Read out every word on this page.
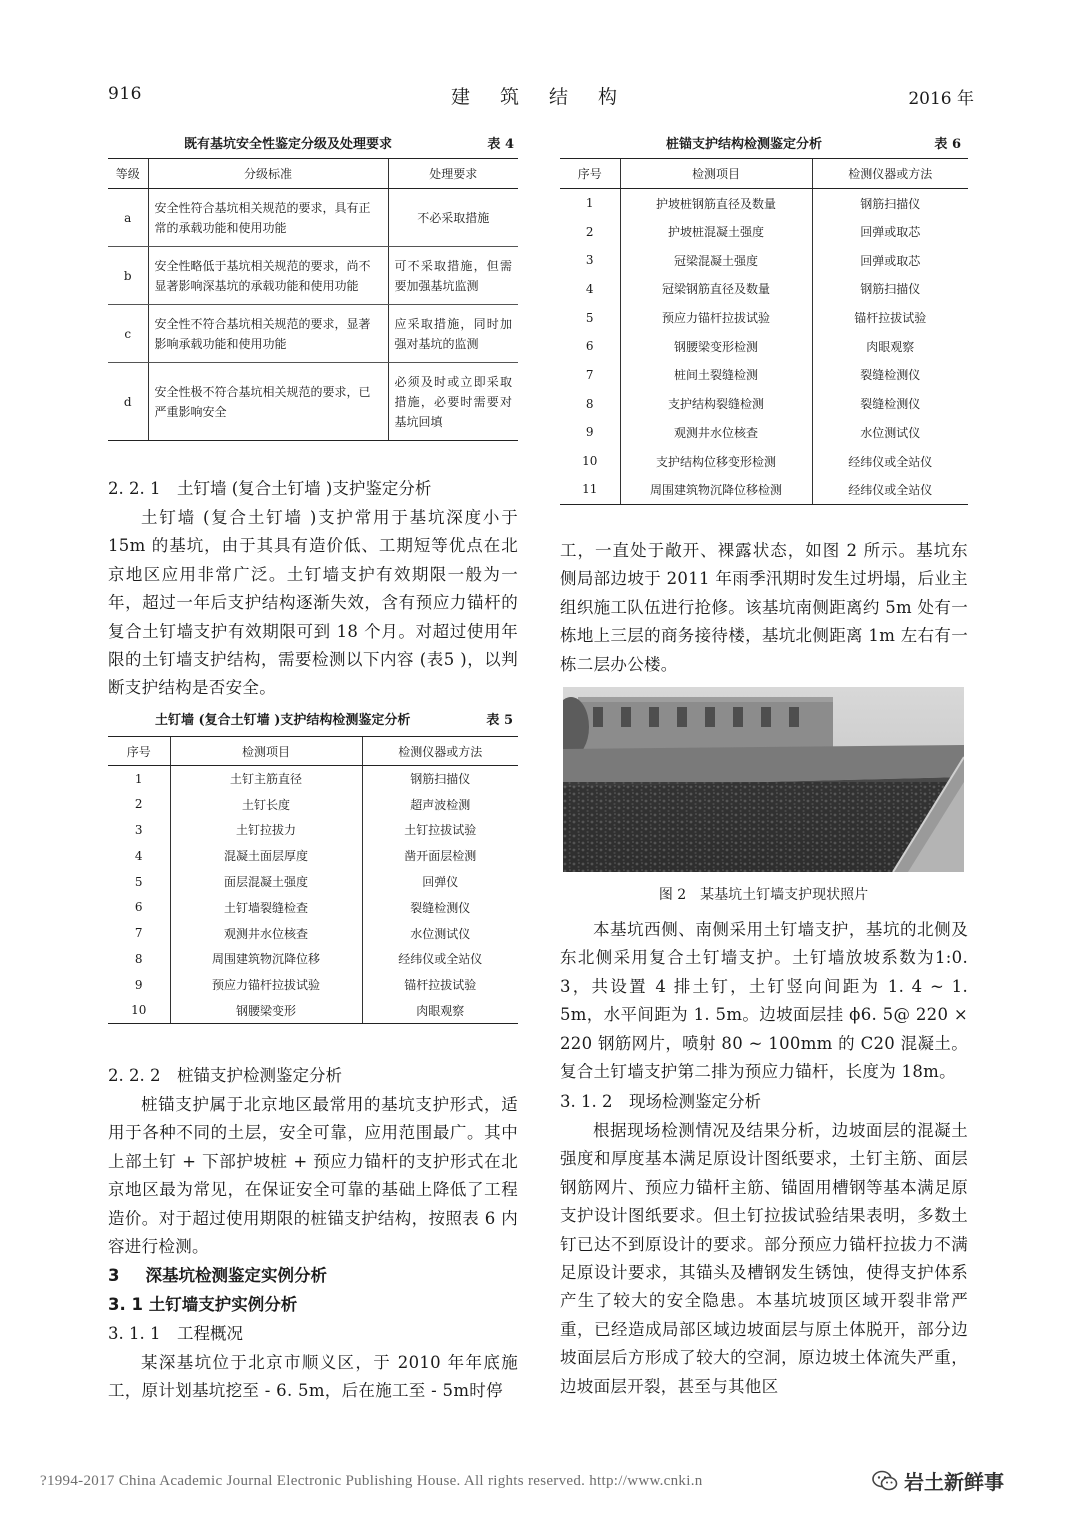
916	建 筑 结 构	2016 年
既有基坑安全性鉴定分级及处理要求	表 4
等级	分级标准	处理要求
a	安全性符合基坑相关规范的要求，具有正常的承载功能和使用功能	不必采取措施
b	安全性略低于基坑相关规范的要求，尚不显著影响深基坑的承载功能和使用功能	可不采取措施，但需要加强基坑监测
c	安全性不符合基坑相关规范的要求，显著影响承载功能和使用功能	应采取措施，同时加强对基坑的监测
d	安全性极不符合基坑相关规范的要求，已严重影响安全	必须及时或立即采取措施，必要时需要对基坑回填
2. 2. 1　土钉墙 (复合土钉墙 )支护鉴定分析
土钉墙 (复合土钉墙 )支护常用于基坑深度小于15m 的基坑，由于其具有造价低、工期短等优点在北京地区应用非常广泛。土钉墙支护有效期限一般为一年，超过一年后支护结构逐渐失效，含有预应力锚杆的复合土钉墙支护有效期限可到 18 个月。对超过使用年限的土钉墙支护结构，需要检测以下内容 (表5 )，以判断支护结构是否安全。
土钉墙 (复合土钉墙 )支护结构检测鉴定分析	表 5
序号	检测项目	检测仪器或方法
1	土钉主筋直径	钢筋扫描仪
2	土钉长度	超声波检测
3	土钉拉拔力	土钉拉拔试验
4	混凝土面层厚度	凿开面层检测
5	面层混凝土强度	回弹仪
6	土钉墙裂缝检查	裂缝检测仪
7	观测井水位核查	水位测试仪
8	周围建筑物沉降位移	经纬仪或全站仪
9	预应力锚杆拉拔试验	锚杆拉拔试验
10	钢腰梁变形	肉眼观察
2. 2. 2　桩锚支护检测鉴定分析
桩锚支护属于北京地区最常用的基坑支护形式，适用于各种不同的土层，安全可靠，应用范围最广。其中上部土钉 + 下部护坡桩 + 预应力锚杆的支护形式在北京地区最为常见，在保证安全可靠的基础上降低了工程造价。对于超过使用期限的桩锚支护结构，按照表 6 内容进行检测。
3 深基坑检测鉴定实例分析
3. 1 土钉墙支护实例分析
3. 1. 1　工程概况
某深基坑位于北京市顺义区，于 2010 年年底施工，原计划基坑挖至 - 6. 5m，后在施工至 - 5m时停
桩锚支护结构检测鉴定分析	表 6
序号	检测项目	检测仪器或方法
1	护坡桩钢筋直径及数量	钢筋扫描仪
2	护坡桩混凝土强度	回弹或取芯
3	冠梁混凝土强度	回弹或取芯
4	冠梁钢筋直径及数量	钢筋扫描仪
5	预应力锚杆拉拔试验	锚杆拉拔试验
6	钢腰梁变形检测	肉眼观察
7	桩间土裂缝检测	裂缝检测仪
8	支护结构裂缝检测	裂缝检测仪
9	观测井水位核查	水位测试仪
10	支护结构位移变形检测	经纬仪或全站仪
11	周围建筑物沉降位移检测	经纬仪或全站仪
工，一直处于敞开、裸露状态，如图 2 所示。基坑东侧局部边坡于 2011 年雨季汛期时发生过坍塌，后业主组织施工队伍进行抢修。该基坑南侧距离约 5m 处有一栋地上三层的商务接待楼，基坑北侧距离 1m 左右有一栋二层办公楼。
图 2　某基坑土钉墙支护现状照片
本基坑西侧、南侧采用土钉墙支护，基坑的北侧及东北侧采用复合土钉墙支护。土钉墙放坡系数为1:0. 3，共设置 4 排土钉，土钉竖向间距为 1. 4 ~ 1. 5m，水平间距为 1. 5m。边坡面层挂 ϕ6. 5@ 220 × 220 钢筋网片，喷射 80 ~ 100mm 的 C20 混凝土。复合土钉墙支护第二排为预应力锚杆，长度为 18m。
3. 1. 2　现场检测鉴定分析
根据现场检测情况及结果分析，边坡面层的混凝土强度和厚度基本满足原设计图纸要求，土钉主筋、面层钢筋网片、预应力锚杆主筋、锚固用槽钢等基本满足原支护设计图纸要求。但土钉拉拔试验结果表明，多数土钉已达不到原设计的要求。部分预应力锚杆拉拔力不满足原设计要求，其锚头及槽钢发生锈蚀，使得支护体系产生了较大的安全隐患。本基坑坡顶区域开裂非常严重，已经造成局部区域边坡面层与原土体脱开，部分边坡面层后方形成了较大的空洞，原边坡土体流失严重，边坡面层开裂，甚至与其他区
?1994-2017 China Academic Journal Electronic Publishing House. All rights reserved. http://www.cnki.n	岩土新鲜事
